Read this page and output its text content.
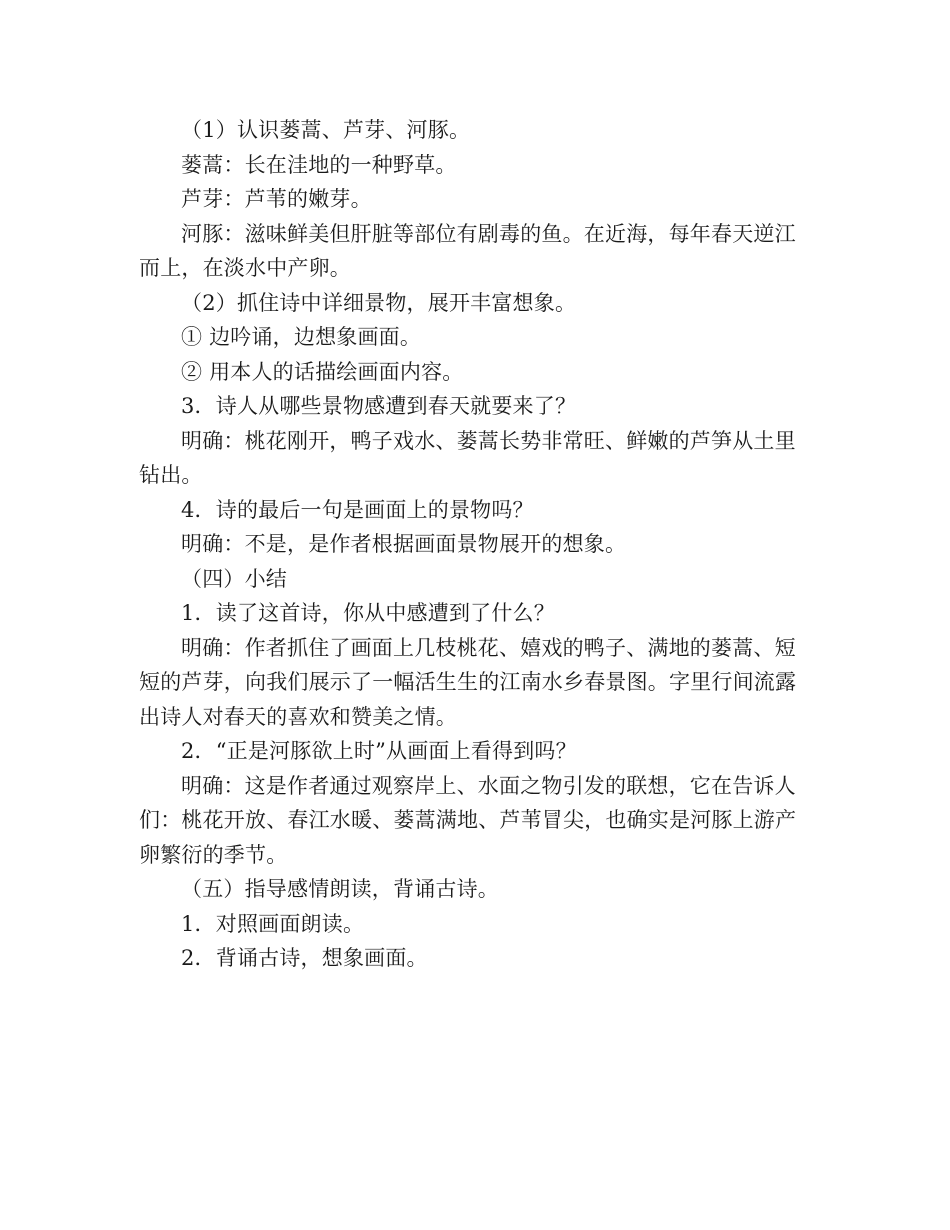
（1）认识蒌蒿、芦芽、河豚。

蒌蒿：长在洼地的一种野草。

芦芽：芦苇的嫩芽。

河豚：滋味鲜美但肝脏等部位有剧毒的鱼。在近海，每年春天逆江而上，在淡水中产卵。

（2）抓住诗中详细景物，展开丰富想象。

① 边吟诵，边想象画面。

② 用本人的话描绘画面内容。

3．诗人从哪些景物感遭到春天就要来了？

明确：桃花刚开，鸭子戏水、蒌蒿长势非常旺、鲜嫩的芦笋从土里钻出。

4．诗的最后一句是画面上的景物吗？

明确：不是，是作者根据画面景物展开的想象。

（四）小结

1．读了这首诗，你从中感遭到了什么？

明确：作者抓住了画面上几枝桃花、嬉戏的鸭子、满地的蒌蒿、短短的芦芽，向我们展示了一幅活生生的江南水乡春景图。字里行间流露出诗人对春天的喜欢和赞美之情。

2．“正是河豚欲上时”从画面上看得到吗？

明确：这是作者通过观察岸上、水面之物引发的联想，它在告诉人们：桃花开放、春江水暖、蒌蒿满地、芦苇冒尖，也确实是河豚上游产卵繁衍的季节。

（五）指导感情朗读，背诵古诗。

1．对照画面朗读。

2．背诵古诗，想象画面。
